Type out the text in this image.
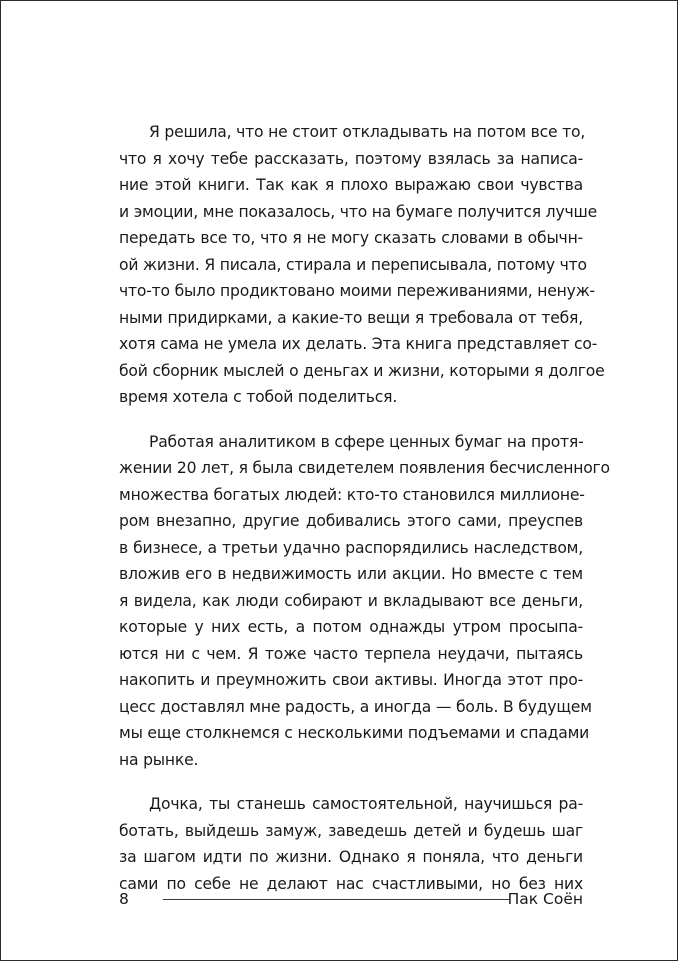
Я решила, что не стоит откладывать на потом все то,
что я хочу тебе рассказать, поэтому взялась за написа-
ние этой книги. Так как я плохо выражаю свои чувства
и эмоции, мне показалось, что на бумаге получится лучше
передать все то, что я не могу сказать словами в обычн-
ой жизни. Я писала, стирала и переписывала, потому что
что-то было продиктовано моими переживаниями, ненуж-
ными придирками, а какие-то вещи я требовала от тебя,
хотя сама не умела их делать. Эта книга представляет со-
бой сборник мыслей о деньгах и жизни, которыми я долгое
время хотела с тобой поделиться.

Работая аналитиком в сфере ценных бумаг на протя-
жении 20 лет, я была свидетелем появления бесчисленного
множества богатых людей: кто-то становился миллионе-
ром внезапно, другие добивались этого сами, преуспев
в бизнесе, а третьи удачно распорядились наследством,
вложив его в недвижимость или акции. Но вместе с тем
я видела, как люди собирают и вкладывают все деньги,
которые у них есть, а потом однажды утром просыпа-
ются ни с чем. Я тоже часто терпела неудачи, пытаясь
накопить и преумножить свои активы. Иногда этот про-
цесс доставлял мне радость, а иногда — боль. В будущем
мы еще столкнемся с несколькими подъемами и спадами
на рынке.

Дочка, ты станешь самостоятельной, научишься ра-
ботать, выйдешь замуж, заведешь детей и будешь шаг
за шагом идти по жизни. Однако я поняла, что деньги
сами по себе не делают нас счастливыми, но без них

8	Пак Соён
